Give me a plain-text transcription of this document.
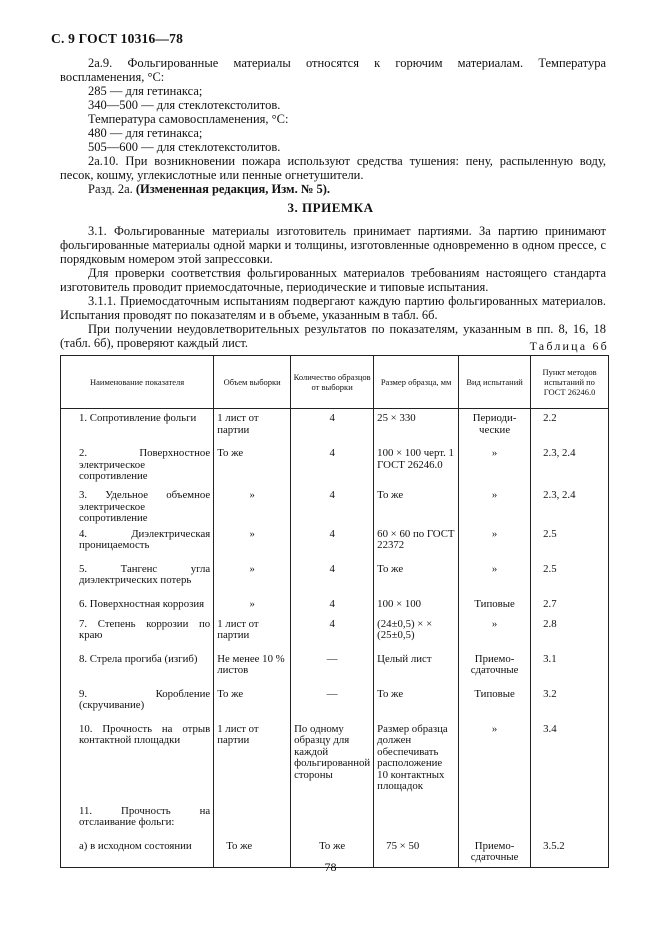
С. 9 ГОСТ 10316—78

2а.9. Фольгированные материалы относятся к горючим материалам. Температура воспламенения, °С:

285 — для гетинакса;

340—500 — для стеклотекстолитов.

Температура самовоспламенения, °С:

480 — для гетинакса;

505—600 — для стеклотекстолитов.

2а.10. При возникновении пожара используют средства тушения: пену, распыленную воду, песок, кошму, углекислотные или пенные огнетушители.

Разд. 2а. (Измененная редакция, Изм. № 5).

3. ПРИЕМКА

3.1. Фольгированные материалы изготовитель принимает партиями. За партию принимают фольгированные материалы одной марки и толщины, изготовленные одновременно в одном прессе, с порядковым номером этой запрессовки.

Для проверки соответствия фольгированных материалов требованиям настоящего стандарта изготовитель проводит приемосдаточные, периодические и типовые испытания.

3.1.1. Приемосдаточным испытаниям подвергают каждую партию фольгированных материалов. Испытания проводят по показателям и в объеме, указанным в табл. 6б.

При получении неудовлетворительных результатов по показателям, указанным в пп. 8, 16, 18 (табл. 6б), проверяют каждый лист.	Таблица 6б
Наименование показателя	Объем выборки	Количество образцов от выборки	Размер образца, мм	Вид испытаний	Пункт методов испытаний по ГОСТ 26246.0
1. Сопротивление фольги	1 лист от партии	4	25 × 330	Периоди-ческие	2.2
2. Поверхностное электрическое сопротивление	То же	4	100 × 100 черт. 1 ГОСТ 26246.0	»	2.3, 2.4
3. Удельное объемное электрическое сопротивление	»	4	То же	»	2.3, 2.4
4. Диэлектрическая проницаемость	»	4	60 × 60 по ГОСТ 22372	»	2.5
5. Тангенс угла диэлектрических потерь	»	4	То же	»	2.5
6. Поверхностная коррозия	»	4	100 × 100	Типовые	2.7
7. Степень коррозии по краю	1 лист от партии	4	(24±0,5) × × (25±0,5)	»	2.8
8. Стрела прогиба (изгиб)	Не менее 10 % листов	—	Целый лист	Приемо-сдаточные	3.1
9. Коробление (скручивание)	То же	—	То же	Типовые	3.2
10. Прочность на отрыв контактной площадки	1 лист от партии	По одному образцу для каждой фольгированной стороны	Размер образца должен обеспечивать расположение 10 контактных площадок	»	3.4
11. Прочность на отслаивание фольги:					
а) в исходном состоянии	То же	То же	75 × 50	Приемо-сдаточные	3.5.2
78
